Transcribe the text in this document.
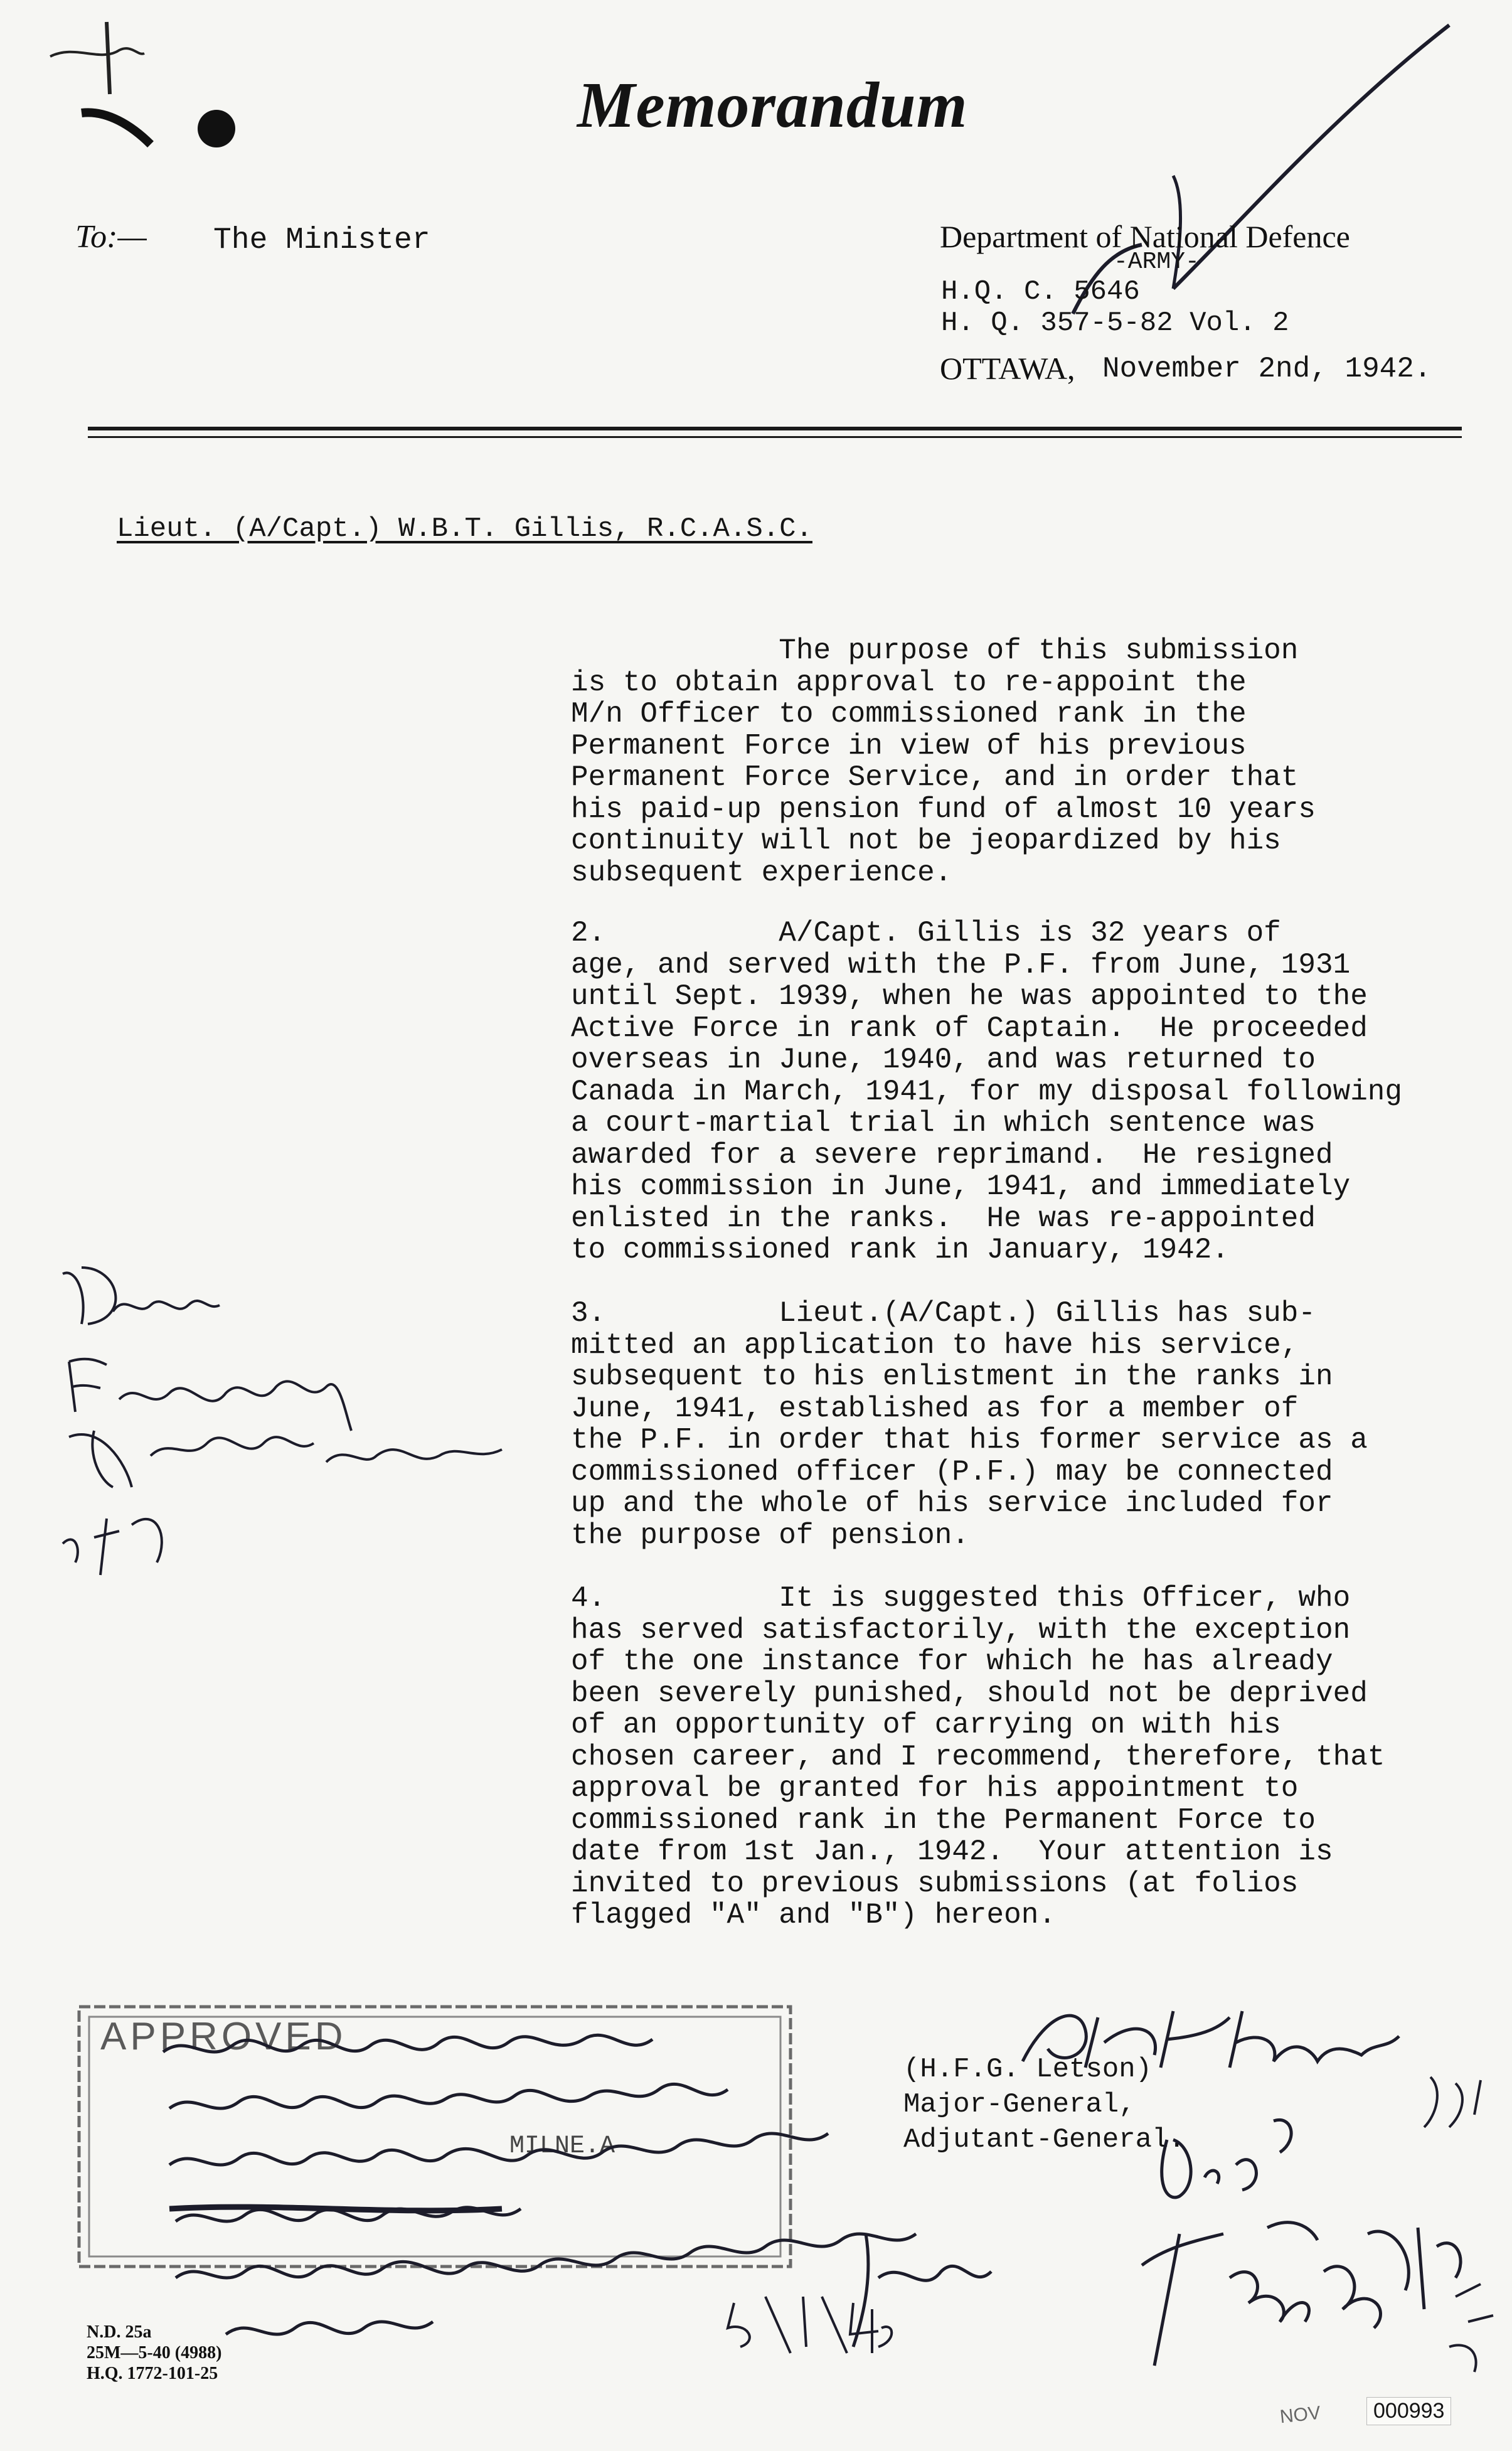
Memorandum
To:— The Minister	Department of National Defence
-ARMY-
H.Q. C. 5646
H. Q. 357-5-82 Vol. 2
OTTAWA, November 2nd, 1942.
Lieut. (A/Capt.) W.B.T. Gillis, R.C.A.S.C.
The purpose of this submission
is to obtain approval to re-appoint the
M/n Officer to commissioned rank in the
Permanent Force in view of his previous
Permanent Force Service, and in order that
his paid-up pension fund of almost 10 years
continuity will not be jeopardized by his
subsequent experience.
2.          A/Capt. Gillis is 32 years of
age, and served with the P.F. from June, 1931
until Sept. 1939, when he was appointed to the
Active Force in rank of Captain.  He proceeded
overseas in June, 1940, and was returned to
Canada in March, 1941, for my disposal following
a court-martial trial in which sentence was
awarded for a severe reprimand.  He resigned
his commission in June, 1941, and immediately
enlisted in the ranks.  He was re-appointed
to commissioned rank in January, 1942.
3.          Lieut.(A/Capt.) Gillis has sub-
mitted an application to have his service,
subsequent to his enlistment in the ranks in
June, 1941, established as for a member of
the P.F. in order that his former service as a
commissioned officer (P.F.) may be connected
up and the whole of his service included for
the purpose of pension.
4.          It is suggested this Officer, who
has served satisfactorily, with the exception
of the one instance for which he has already
been severely punished, should not be deprived
of an opportunity of carrying on with his
chosen career, and I recommend, therefore, that
approval be granted for his appointment to
commissioned rank in the Permanent Force to
date from 1st Jan., 1942.  Your attention is
invited to previous submissions (at folios
flagged "A" and "B") hereon.
APPROVED
MILNE.A
(H.F.G. Letson)
Major-General,
Adjutant-General.
N.D. 25a
25M—5-40 (4988)
H.Q. 1772-101-25
NOV	000993
